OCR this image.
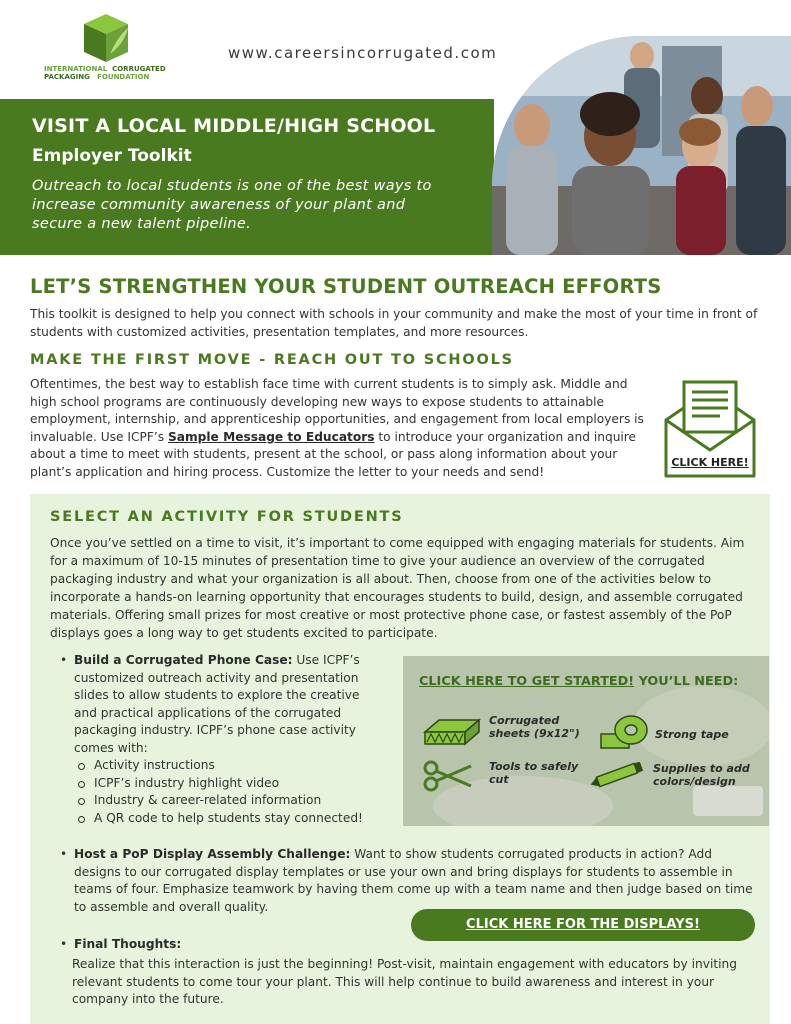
INTERNATIONAL CORRUGATED
PACKAGING FOUNDATION
www.careersincorrugated.com
VISIT A LOCAL MIDDLE/HIGH SCHOOL
Employer Toolkit

Outreach to local students is one of the best ways to increase community awareness of your plant and secure a new talent pipeline.

LET’S STRENGTHEN YOUR STUDENT OUTREACH EFFORTS
This toolkit is designed to help you connect with schools in your community and make the most of your time in front of students with customized activities, presentation templates, and more resources.
MAKE THE FIRST MOVE - REACH OUT TO SCHOOLS
Oftentimes, the best way to establish face time with current students is to simply ask. Middle and high school programs are continuously developing new ways to expose students to attainable employment, internship, and apprenticeship opportunities, and engagement from local employers is invaluable. Use ICPF’s Sample Message to Educators to introduce your organization and inquire about a time to meet with students, present at the school, or pass along information about your plant’s application and hiring process. Customize the letter to your needs and send!
CLICK HERE!
SELECT AN ACTIVITY FOR STUDENTS
Once you’ve settled on a time to visit, it’s important to come equipped with engaging materials for students. Aim for a maximum of 10-15 minutes of presentation time to give your audience an overview of the corrugated packaging industry and what your organization is all about. Then, choose from one of the activities below to incorporate a hands-on learning opportunity that encourages students to build, design, and assemble corrugated materials. Offering small prizes for most creative or most protective phone case, or fastest assembly of the PoP displays goes a long way to get students excited to participate.
• Build a Corrugated Phone Case: Use ICPF’s customized outreach activity and presentation slides to allow students to explore the creative and practical applications of the corrugated packaging industry. ICPF’s phone case activity comes with:
Activity instructions
ICPF’s industry highlight video
Industry & career-related information
A QR code to help students stay connected!
CLICK HERE TO GET STARTED! YOU’LL NEED:
Corrugated sheets (9x12")	Strong tape
Tools to safely cut
Supplies to add colors/design
• Host a PoP Display Assembly Challenge: Want to show students corrugated products in action? Add designs to our corrugated display templates or use your own and bring displays for students to assemble in teams of four. Emphasize teamwork by having them come up with a team name and then judge based on time to assemble and overall quality.
CLICK HERE FOR THE DISPLAYS!
• Final Thoughts:
Realize that this interaction is just the beginning! Post-visit, maintain engagement with educators by inviting relevant students to come tour your plant. This will help continue to build awareness and interest in your company into the future.
